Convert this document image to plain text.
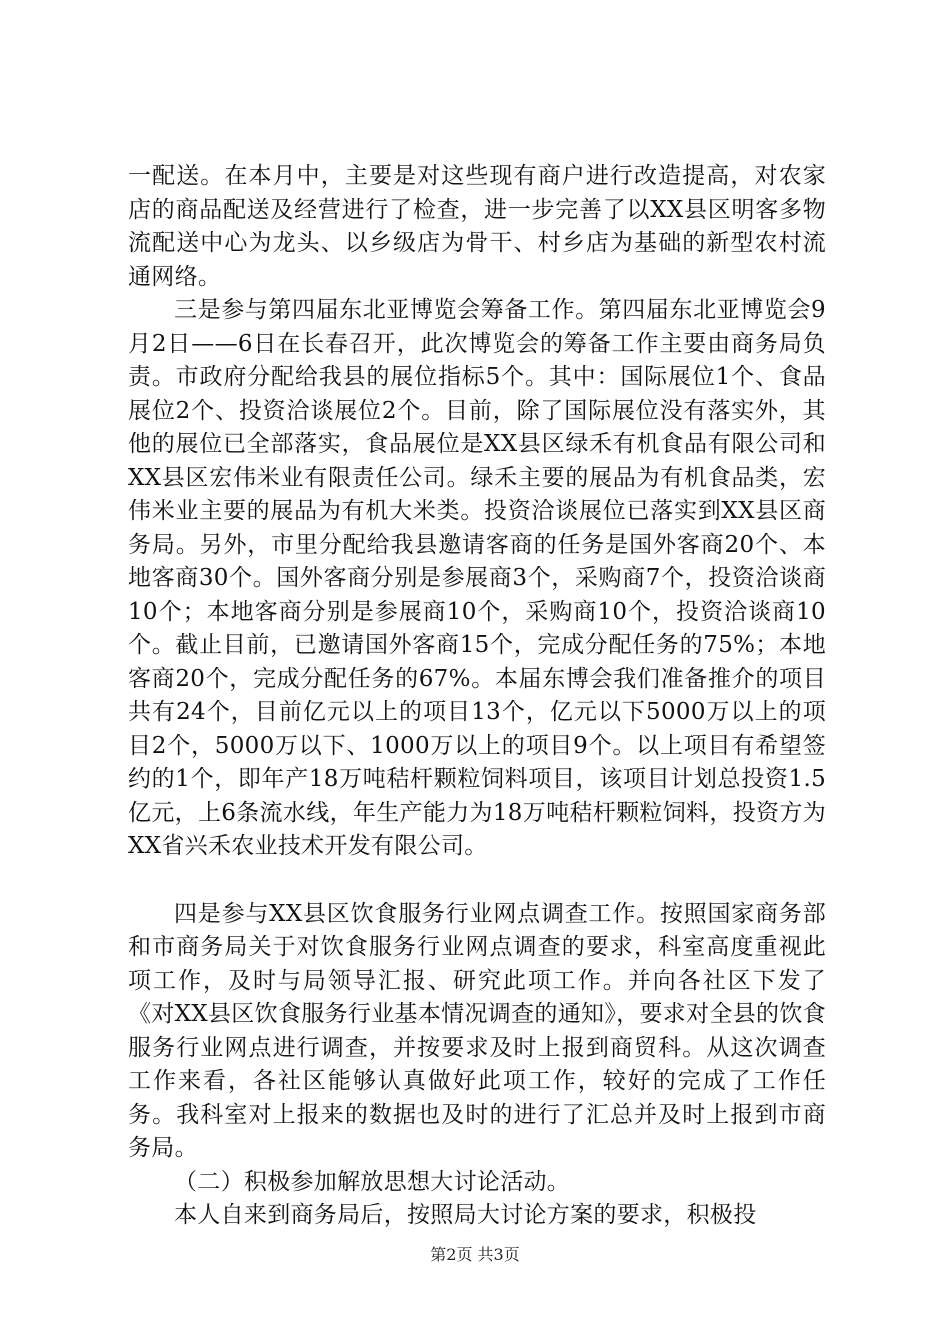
一配送。在本月中，主要是对这些现有商户进行改造提高，对农家店的商品配送及经营进行了检查，进一步完善了以XX县区明客多物流配送中心为龙头、以乡级店为骨干、村乡店为基础的新型农村流通网络。

三是参与第四届东北亚博览会筹备工作。第四届东北亚博览会9月2日——6日在长春召开，此次博览会的筹备工作主要由商务局负责。市政府分配给我县的展位指标5个。其中：国际展位1个、食品展位2个、投资洽谈展位2个。目前，除了国际展位没有落实外，其他的展位已全部落实，食品展位是XX县区绿禾有机食品有限公司和XX县区宏伟米业有限责任公司。绿禾主要的展品为有机食品类，宏伟米业主要的展品为有机大米类。投资洽谈展位已落实到XX县区商务局。另外，市里分配给我县邀请客商的任务是国外客商20个、本地客商30个。国外客商分别是参展商3个，采购商7个，投资洽谈商10个；本地客商分别是参展商10个，采购商10个，投资洽谈商10个。截止目前，已邀请国外客商15个，完成分配任务的75%；本地客商20个，完成分配任务的67%。本届东博会我们准备推介的项目共有24个，目前亿元以上的项目13个，亿元以下5000万以上的项目2个，5000万以下、1000万以上的项目9个。以上项目有希望签约的1个，即年产18万吨秸杆颗粒饲料项目，该项目计划总投资1.5亿元，上6条流水线，年生产能力为18万吨秸杆颗粒饲料，投资方为XX省兴禾农业技术开发有限公司。

四是参与XX县区饮食服务行业网点调查工作。按照国家商务部和市商务局关于对饮食服务行业网点调查的要求，科室高度重视此项工作，及时与局领导汇报、研究此项工作。并向各社区下发了《对XX县区饮食服务行业基本情况调查的通知》，要求对全县的饮食服务行业网点进行调查，并按要求及时上报到商贸科。从这次调查工作来看，各社区能够认真做好此项工作，较好的完成了工作任务。我科室对上报来的数据也及时的进行了汇总并及时上报到市商务局。

（二）积极参加解放思想大讨论活动。

本人自来到商务局后，按照局大讨论方案的要求，积极投

第2页 共3页
